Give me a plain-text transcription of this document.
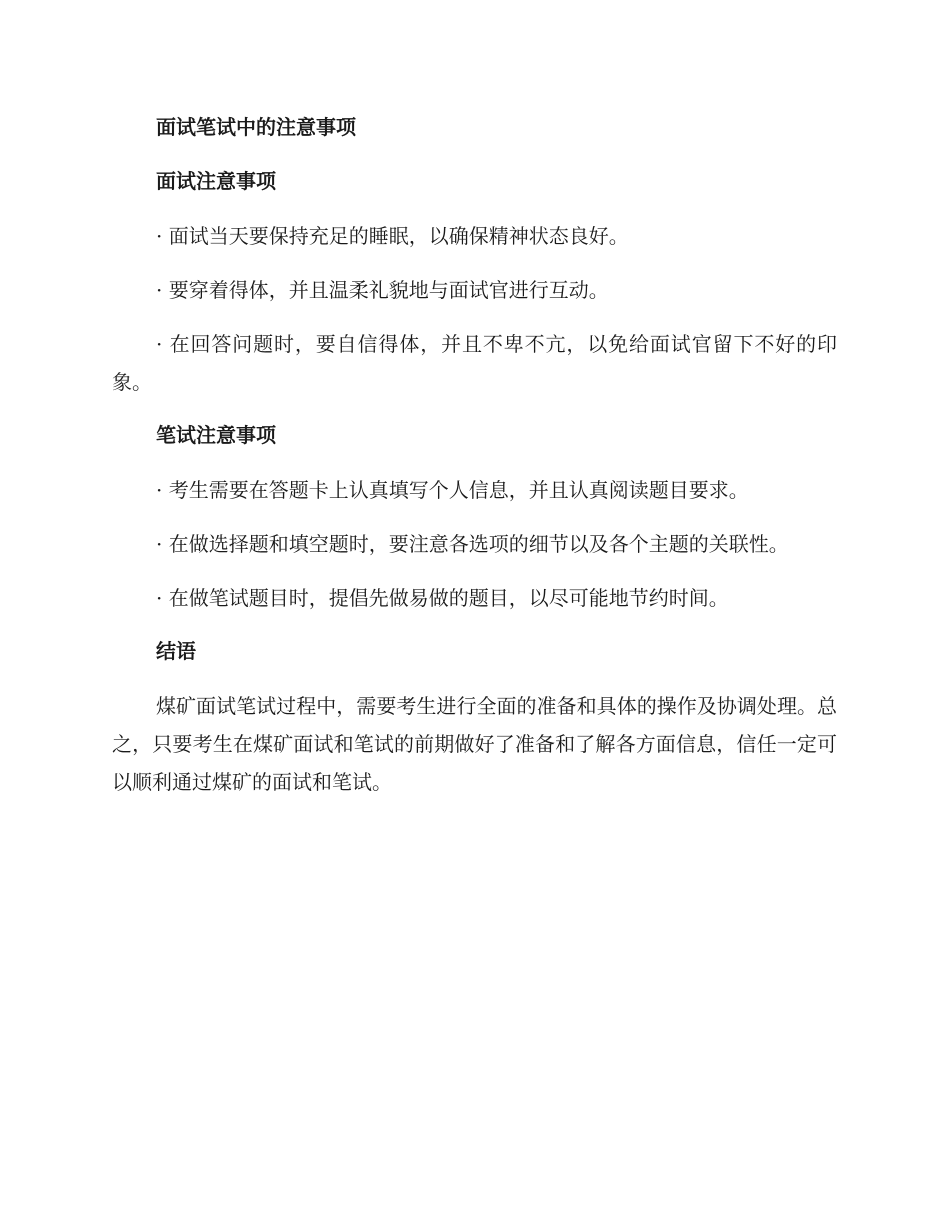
面试笔试中的注意事项
面试注意事项
· 面试当天要保持充足的睡眠，以确保精神状态良好。
· 要穿着得体，并且温柔礼貌地与面试官进行互动。
· 在回答问题时，要自信得体，并且不卑不亢，以免给面试官留下不好的印象。
笔试注意事项
· 考生需要在答题卡上认真填写个人信息，并且认真阅读题目要求。
· 在做选择题和填空题时，要注意各选项的细节以及各个主题的关联性。
· 在做笔试题目时，提倡先做易做的题目，以尽可能地节约时间。
结语
煤矿面试笔试过程中，需要考生进行全面的准备和具体的操作及协调处理。总之，只要考生在煤矿面试和笔试的前期做好了准备和了解各方面信息，信任一定可以顺利通过煤矿的面试和笔试。
